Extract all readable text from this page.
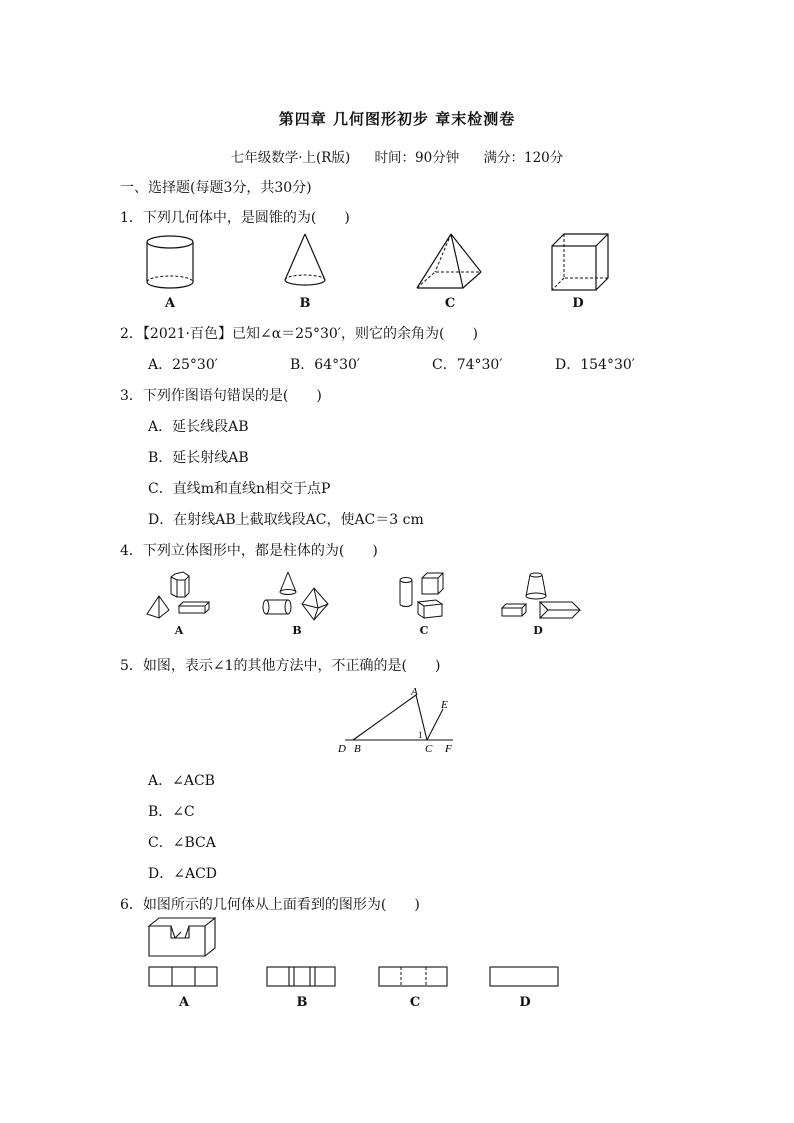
第四章 几何图形初步 章末检测卷
七年级数学·上(R版) 时间：90分钟 满分：120分
一、选择题(每题3分，共30分)
1．下列几何体中，是圆锥的为(　　)
A	B	C	D
2．【2021·百色】已知∠α＝25°30′，则它的余角为(　　)
A．25°30′	B．64°30′	C．74°30′	D．154°30′
3．下列作图语句错误的是(　　)
A．延长线段AB
B．延长射线AB
C．直线m和直线n相交于点P
D．在射线AB上截取线段AC，使AC＝3 cm
4．下列立体图形中，都是柱体的为(　　)
A	B	C	D
5．如图，表示∠1的其他方法中，不正确的是(　　)
A
E
D B	C F
1
A．∠ACB
B．∠C
C．∠BCA
D．∠ACD
6．如图所示的几何体从上面看到的图形为(　　)
A	B	C	D
